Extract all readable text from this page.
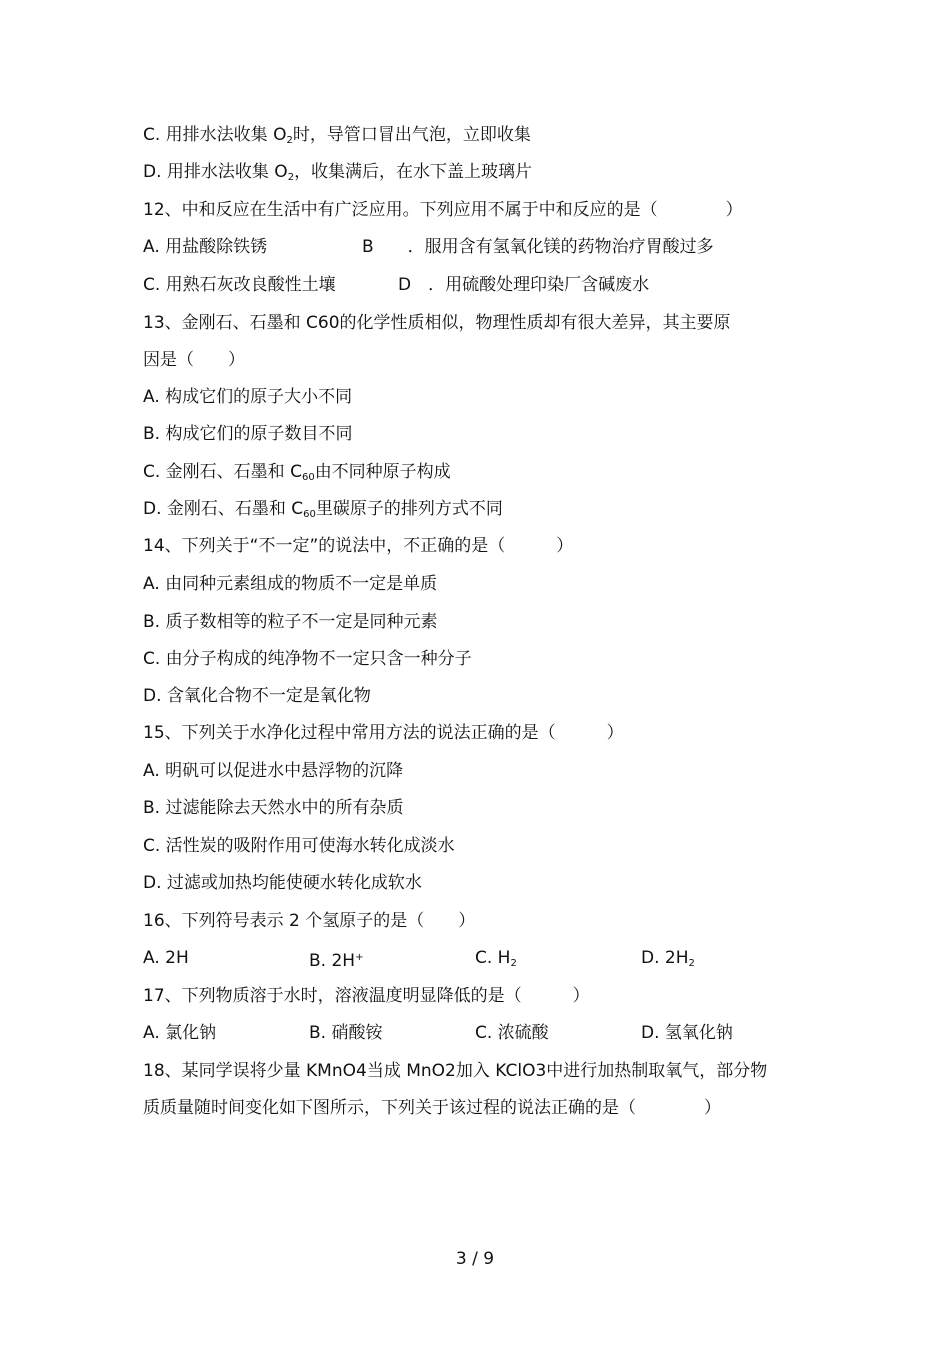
C. 用排水法收集 $O_2$时，导管口冒出气泡，立即收集
D. 用排水法收集 $O_2$，收集满后，在水下盖上玻璃片
12、中和反应在生活中有广泛应用。下列应用不属于中和反应的是（　　　　）
A. 用盐酸除铁锈	B　　．服用含有氢氧化镁的药物治疗胃酸过多
C. 用熟石灰改良酸性土壤	D　．用硫酸处理印染厂含碱废水
13、金刚石、石墨和 C60的化学性质相似，物理性质却有很大差异，其主要原
因是（　　）
A. 构成它们的原子大小不同
B. 构成它们的原子数目不同
C. 金刚石、石墨和 $C_{60}$由不同种原子构成
D. 金刚石、石墨和 $C_{60}$里碳原子的排列方式不同
14、下列关于“不一定”的说法中，不正确的是（　　　）
A. 由同种元素组成的物质不一定是单质
B. 质子数相等的粒子不一定是同种元素
C. 由分子构成的纯净物不一定只含一种分子
D. 含氧化合物不一定是氧化物
15、下列关于水净化过程中常用方法的说法正确的是（　　　）
A. 明矾可以促进水中悬浮物的沉降
B. 过滤能除去天然水中的所有杂质
C. 活性炭的吸附作用可使海水转化成淡水
D. 过滤或加热均能使硬水转化成软水
16、下列符号表示 2 个氢原子的是（　　）
A. 2H	B. 2H+	C. $H_2$	D. $2H_2$
17、下列物质溶于水时，溶液温度明显降低的是（　　　）
A. 氯化钠	B. 硝酸铵	C. 浓硫酸	D. 氢氧化钠
18、某同学误将少量 KMnO4当成 MnO2加入 KClO3中进行加热制取氧气，部分物
质质量随时间变化如下图所示，下列关于该过程的说法正确的是（　　　　）
3 / 9
